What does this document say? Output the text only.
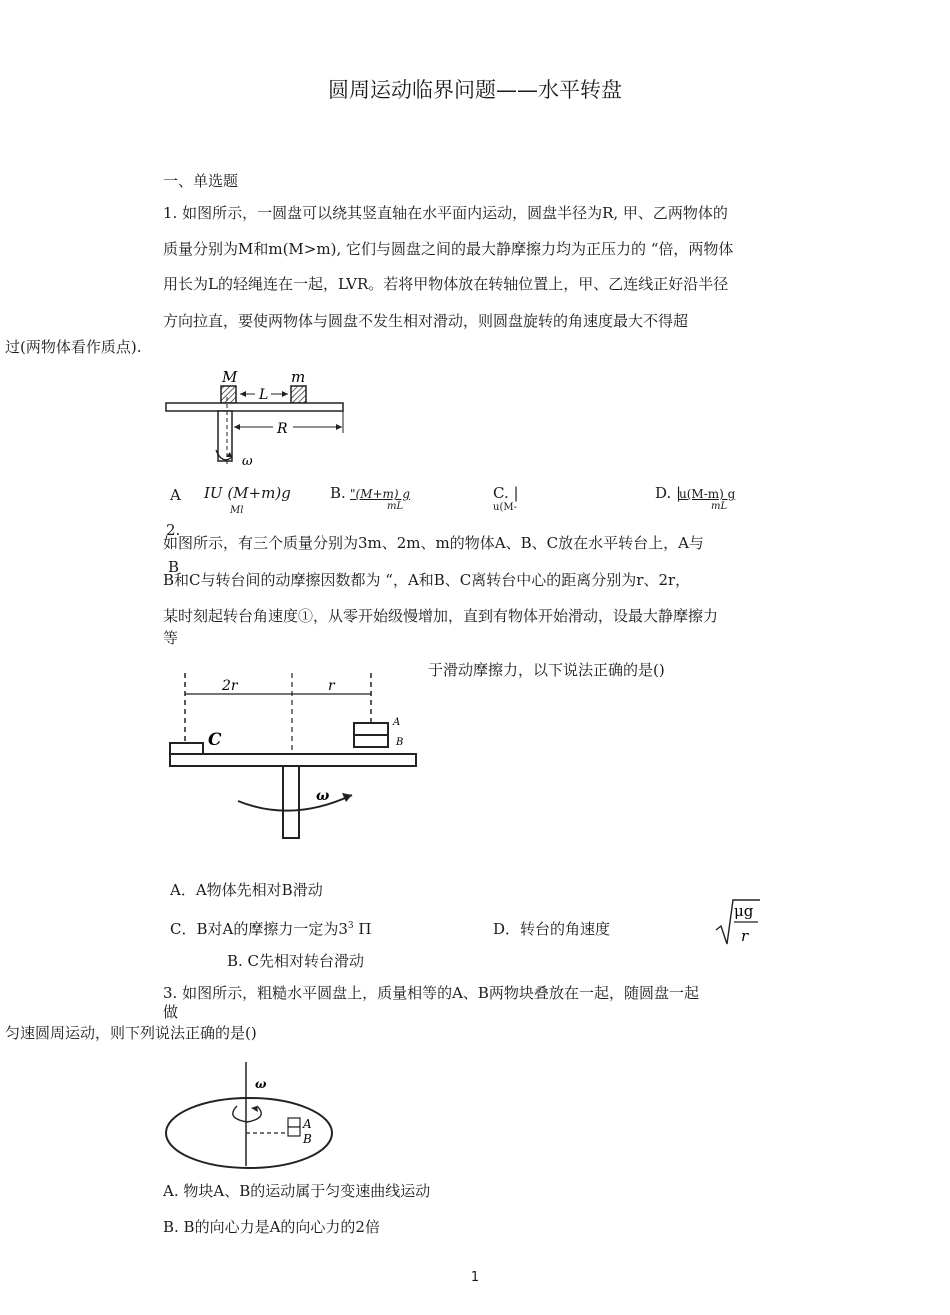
圆周运动临界问题——水平转盘
一、单选题
1. 如图所示，一圆盘可以绕其竖直轴在水平面内运动，圆盘半径为R, 甲、乙两物体的
质量分别为M和m(M>m), 它们与圆盘之间的最大静摩擦力均为正压力的 “倍，两物体
用长为L的轻绳连在一起，LVR。若将甲物体放在转轴位置上，甲、乙连线正好沿半径
方向拉直，要使两物体与圆盘不发生相对滑动，则圆盘旋转的角速度最大不得超
过(两物体看作质点).
M	m
L
R
ω
A IU (M+m)g
Ml
B. "(M+m) g
mL
C. |
u(M-
D. |
u(M-m) g
mL
2.
如图所示，有三个质量分别为3m、2m、m的物体A、B、C放在水平转台上，A与
B
B和C与转台间的动摩擦因数都为 “，A和B、C离转台中心的距离分别为r、2r，
某时刻起转台角速度①，从零开始级慢增加，直到有物体开始滑动，设最大静摩擦力
等
于滑动摩擦力，以下说法正确的是()
2r	r
C
A
B
ω
A．A物体先相对B滑动
C．B对A的摩擦力一定为$3^3$ Π	D．转台的角速度
μg
r
B. C先相对转台滑动
3. 如图所示，粗糙水平圆盘上，质量相等的A、B两物块叠放在一起，随圆盘一起
做
匀速圆周运动，则下列说法正确的是()
ω
A
B
A. 物块A、B的运动属于匀变速曲线运动
B. B的向心力是A的向心力的2倍
1
